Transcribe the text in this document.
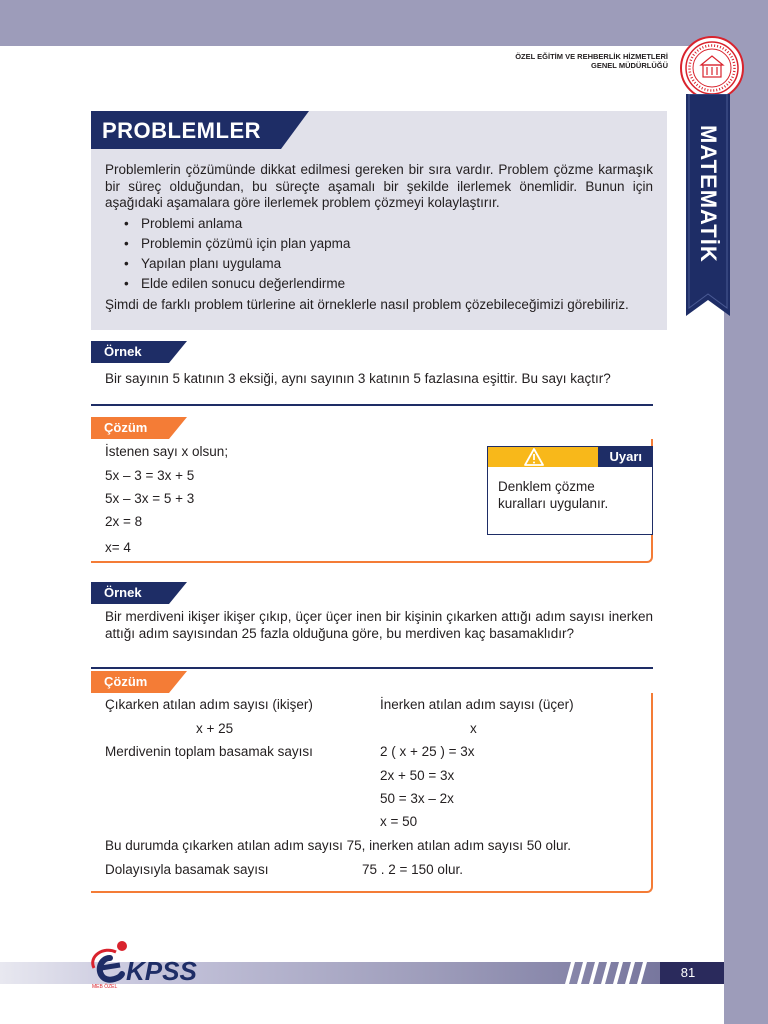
ÖZEL EĞİTİM VE REHBERLİK HİZMETLERİ
GENEL MÜDÜRLÜĞÜ
MATEMATİK
PROBLEMLER
Problemlerin çözümünde dikkat edilmesi gereken bir sıra vardır. Problem çözme karmaşık bir süreç olduğundan, bu süreçte aşamalı bir şekilde ilerlemek önemlidir. Bunun için aşağıdaki aşamalara göre ilerlemek problem çözmeyi kolaylaştırır.
• Problemi anlama
• Problemin çözümü için plan yapma
• Yapılan planı uygulama
• Elde edilen sonucu değerlendirme
Şimdi de farklı problem türlerine ait örneklerle nasıl problem çözebileceğimizi görebiliriz.
Örnek
Bir sayının 5 katının 3 eksiği, aynı sayının 3 katının 5 fazlasına eşittir. Bu sayı kaçtır?
Çözüm
İstenen sayı x olsun;
5x – 3 = 3x + 5
5x – 3x = 5 + 3
2x = 8
x= 4
Uyarı
Denklem çözme
kuralları uygulanır.
Örnek
Bir merdiveni ikişer ikişer çıkıp, üçer üçer inen bir kişinin çıkarken attığı adım sayısı inerken attığı adım sayısından 25 fazla olduğuna göre, bu merdiven kaç basamaklıdır?
Çözüm
Çıkarken atılan adım sayısı (ikişer)
x + 25
Merdivenin toplam basamak sayısı
İnerken atılan adım sayısı (üçer)
x
2 ( x + 25 ) = 3x
2x + 50 = 3x
50 = 3x – 2x
x = 50
Bu durumda çıkarken atılan adım sayısı 75, inerken atılan adım sayısı 50 olur.
Dolayısıyla basamak sayısı	75 . 2 = 150 olur.
81
KPSS
MEB ÖZEL
